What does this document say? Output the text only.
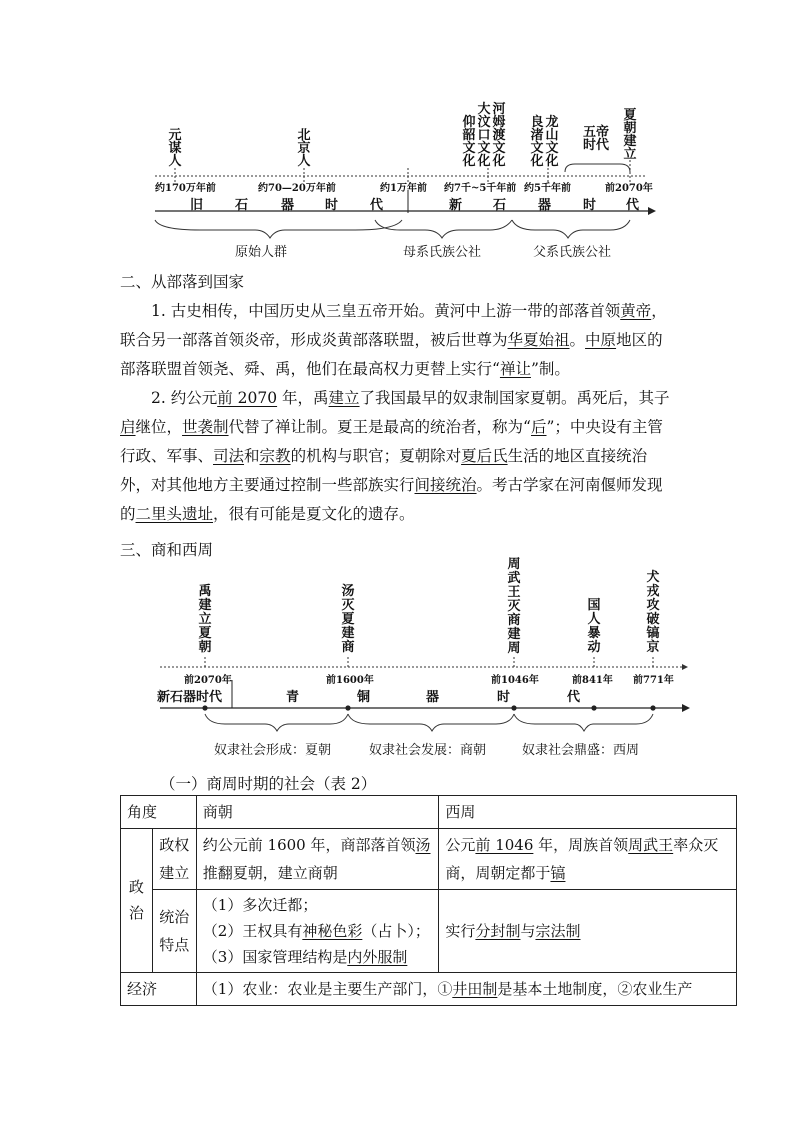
元谋人
北京人
仰韶文化
大汶口文化
河姆渡文化
良渚文化
龙山文化
五帝时代
夏朝建立
约170万年前	约70—20万年前	约1万年前 约7千~5千年前 约5千年前	前2070年
旧 石	器 时 代	新 石 器 时 代
原始人群	母系氏族公社	父系氏族公社
二、从部落到国家

1. 古史相传，中国历史从三皇五帝开始。黄河中上游一带的部落首领黄帝，联合另一部落首领炎帝，形成炎黄部落联盟，被后世尊为华夏始祖。中原地区的部落联盟首领尧、舜、禹，他们在最高权力更替上实行“禅让”制。

2. 约公元前 2070 年，禹建立了我国最早的奴隶制国家夏朝。禹死后，其子启继位，世袭制代替了禅让制。夏王是最高的统治者，称为“后”；中央设有主管行政、军事、司法和宗教的机构与职官；夏朝除对夏后氏生活的地区直接统治外，对其他地方主要通过控制一些部族实行间接统治。考古学家在河南偃师发现的二里头遗址，很有可能是夏文化的遗存。

三、商和西周
禹建立夏朝
汤灭夏建商
周武王灭商建周
国人暴动
犬戎攻破镐京
前2070年	前1600年	前1046年	前841年 前771年
新石器时代	青	铜	器	时	代
奴隶社会形成：夏朝	奴隶社会发展：商朝	奴隶社会鼎盛：西周
（一）商周时期的社会（表 2）
角度		商朝	西周
政治	政权建立	约公元前 1600 年，商部落首领汤推翻夏朝，建立商朝	公元前 1046 年，周族首领周武王率众灭商，周朝定都于镐
	统治特点	（1）多次迁都；
（2）王权具有神秘色彩（占卜）；
（3）国家管理结构是内外服制	实行分封制与宗法制
经济		（1）农业：农业是主要生产部门，①井田制是基本土地制度，②农业生产	
